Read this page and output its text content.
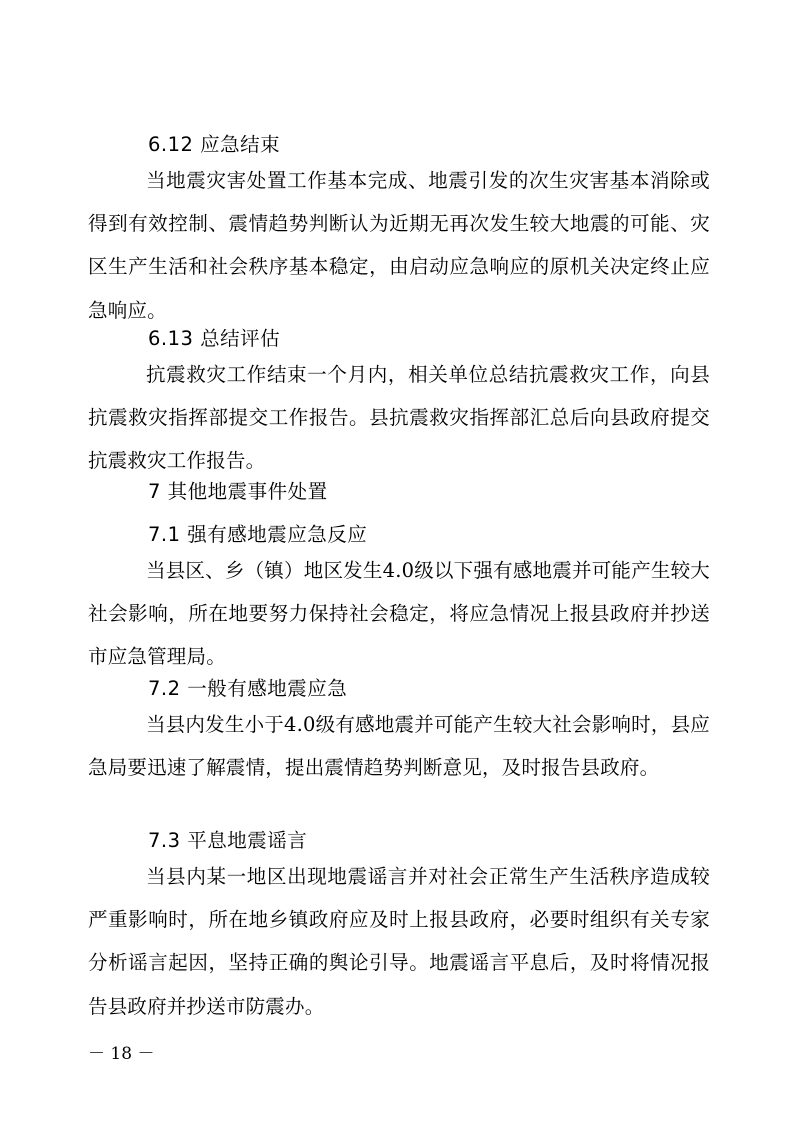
6.12 应急结束
当地震灾害处置工作基本完成、地震引发的次生灾害基本消除或得到有效控制、震情趋势判断认为近期无再次发生较大地震的可能、灾区生产生活和社会秩序基本稳定，由启动应急响应的原机关决定终止应急响应。
6.13 总结评估
抗震救灾工作结束一个月内，相关单位总结抗震救灾工作，向县抗震救灾指挥部提交工作报告。县抗震救灾指挥部汇总后向县政府提交抗震救灾工作报告。
7 其他地震事件处置
7.1 强有感地震应急反应
当县区、乡（镇）地区发生4.0级以下强有感地震并可能产生较大社会影响，所在地要努力保持社会稳定，将应急情况上报县政府并抄送市应急管理局。
7.2 一般有感地震应急
当县内发生小于4.0级有感地震并可能产生较大社会影响时，县应急局要迅速了解震情，提出震情趋势判断意见，及时报告县政府。
7.3 平息地震谣言
当县内某一地区出现地震谣言并对社会正常生产生活秩序造成较严重影响时，所在地乡镇政府应及时上报县政府，必要时组织有关专家分析谣言起因，坚持正确的舆论引导。地震谣言平息后，及时将情况报告县政府并抄送市防震办。
－ 18 －
